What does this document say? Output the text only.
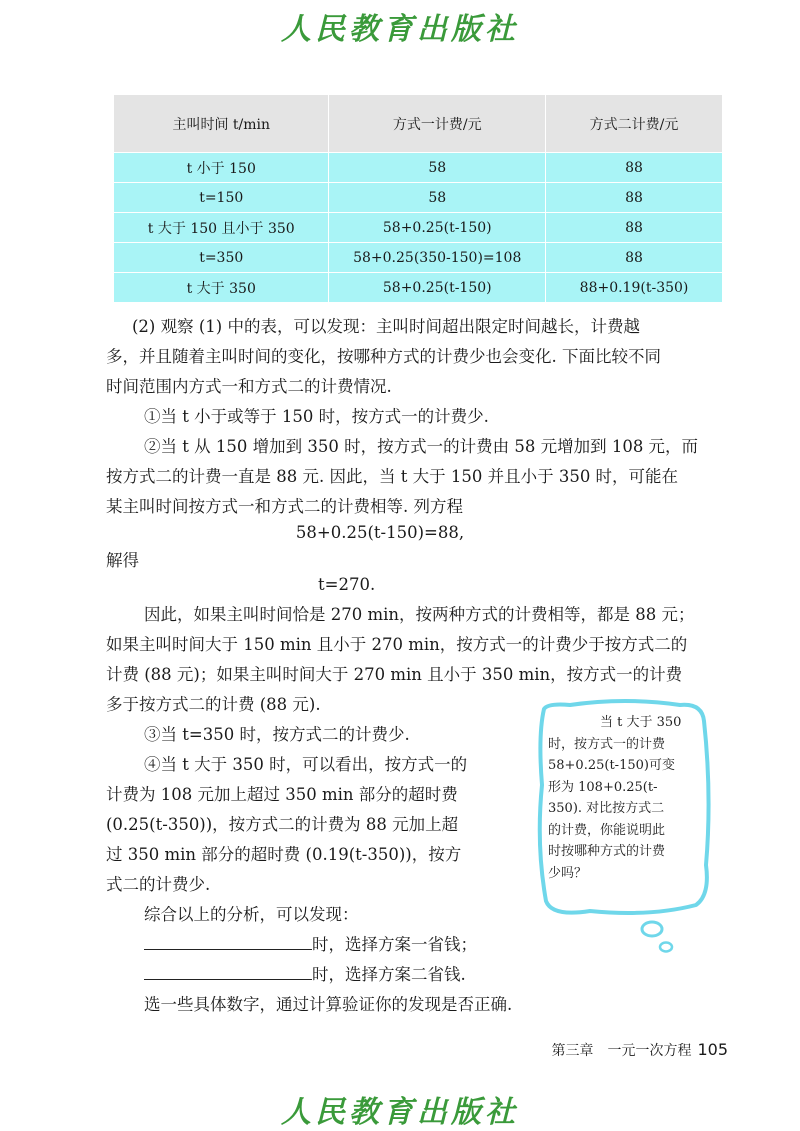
人民教育出版社
主叫时间 t/min	方式一计费/元	方式二计费/元
t 小于 150	58	88
t=150	58	88
t 大于 150 且小于 350	58+0.25(t-150)	88
t=350	58+0.25(350-150)=108	88
t 大于 350	58+0.25(t-150)	88+0.19(t-350)
(2) 观察 (1) 中的表，可以发现：主叫时间超出限定时间越长，计费越
多，并且随着主叫时间的变化，按哪种方式的计费少也会变化. 下面比较不同
时间范围内方式一和方式二的计费情况.
①当 t 小于或等于 150 时，按方式一的计费少.
②当 t 从 150 增加到 350 时，按方式一的计费由 58 元增加到 108 元，而
按方式二的计费一直是 88 元. 因此，当 t 大于 150 并且小于 350 时，可能在
某主叫时间按方式一和方式二的计费相等. 列方程
58+0.25(t-150)=88,
解得
t=270.
因此，如果主叫时间恰是 270 min，按两种方式的计费相等，都是 88 元；
如果主叫时间大于 150 min 且小于 270 min，按方式一的计费少于按方式二的
计费 (88 元)；如果主叫时间大于 270 min 且小于 350 min，按方式一的计费
多于按方式二的计费 (88 元).
③当 t=350 时，按方式二的计费少.
④当 t 大于 350 时，可以看出，按方式一的
计费为 108 元加上超过 350 min 部分的超时费
(0.25(t-350))，按方式二的计费为 88 元加上超
过 350 min 部分的超时费 (0.19(t-350))，按方
式二的计费少.
综合以上的分析，可以发现：
时，选择方案一省钱；
时，选择方案二省钱.
选一些具体数字，通过计算验证你的发现是否正确.
当 t 大于 350
时，按方式一的计费
58+0.25(t-150)可变
形为 108+0.25(t-
350). 对比按方式二
的计费，你能说明此
时按哪种方式的计费
少吗？
第三章　一元一次方程 105
人民教育出版社
